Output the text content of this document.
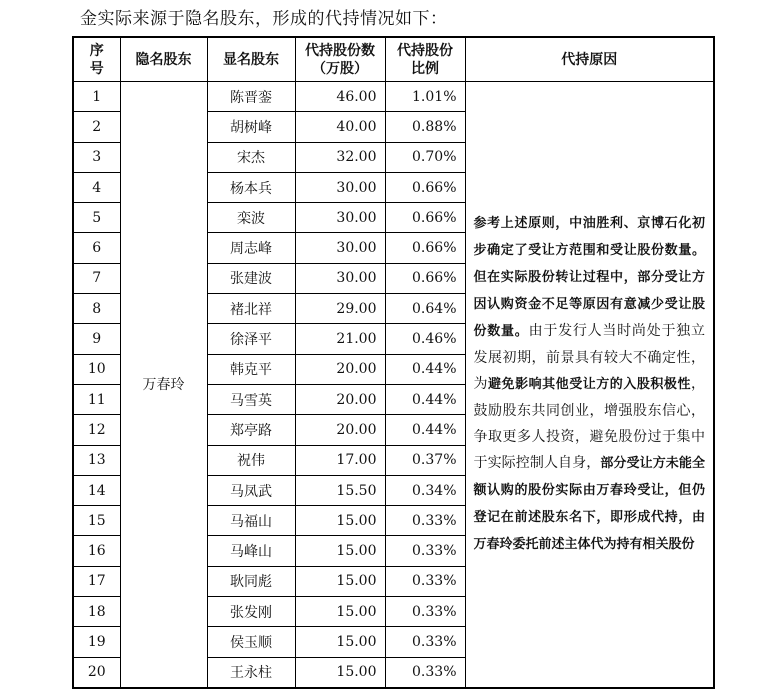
金实际来源于隐名股东，形成的代持情况如下：
序号	隐名股东	显名股东	代持股份数（万股）	代持股份比例	代持原因
1	万春玲	陈晋銮	46.00	1.01%	参考上述原则，中油胜利、京博石化初步确定了受让方范围和受让股份数量。但在实际股份转让过程中，部分受让方因认购资金不足等原因有意减少受让股份数量。由于发行人当时尚处于独立发展初期，前景具有较大不确定性，为避免影响其他受让方的入股积极性，鼓励股东共同创业，增强股东信心，争取更多人投资，避免股份过于集中于实际控制人自身，部分受让方未能全额认购的股份实际由万春玲受让，但仍登记在前述股东名下，即形成代持，由万春玲委托前述主体代为持有相关股份
2		胡树峰	40.00	0.88%	
3		宋杰	32.00	0.70%	
4		杨本兵	30.00	0.66%	
5		栾波	30.00	0.66%	
6		周志峰	30.00	0.66%	
7		张建波	30.00	0.66%	
8		褚北祥	29.00	0.64%	
9		徐泽平	21.00	0.46%	
10		韩克平	20.00	0.44%	
11		马雪英	20.00	0.44%	
12		郑亭路	20.00	0.44%	
13		祝伟	17.00	0.37%	
14		马凤武	15.50	0.34%	
15		马福山	15.00	0.33%	
16		马峰山	15.00	0.33%	
17		耿同彪	15.00	0.33%	
18		张发刚	15.00	0.33%	
19		侯玉顺	15.00	0.33%	
20		王永柱	15.00	0.33%	
